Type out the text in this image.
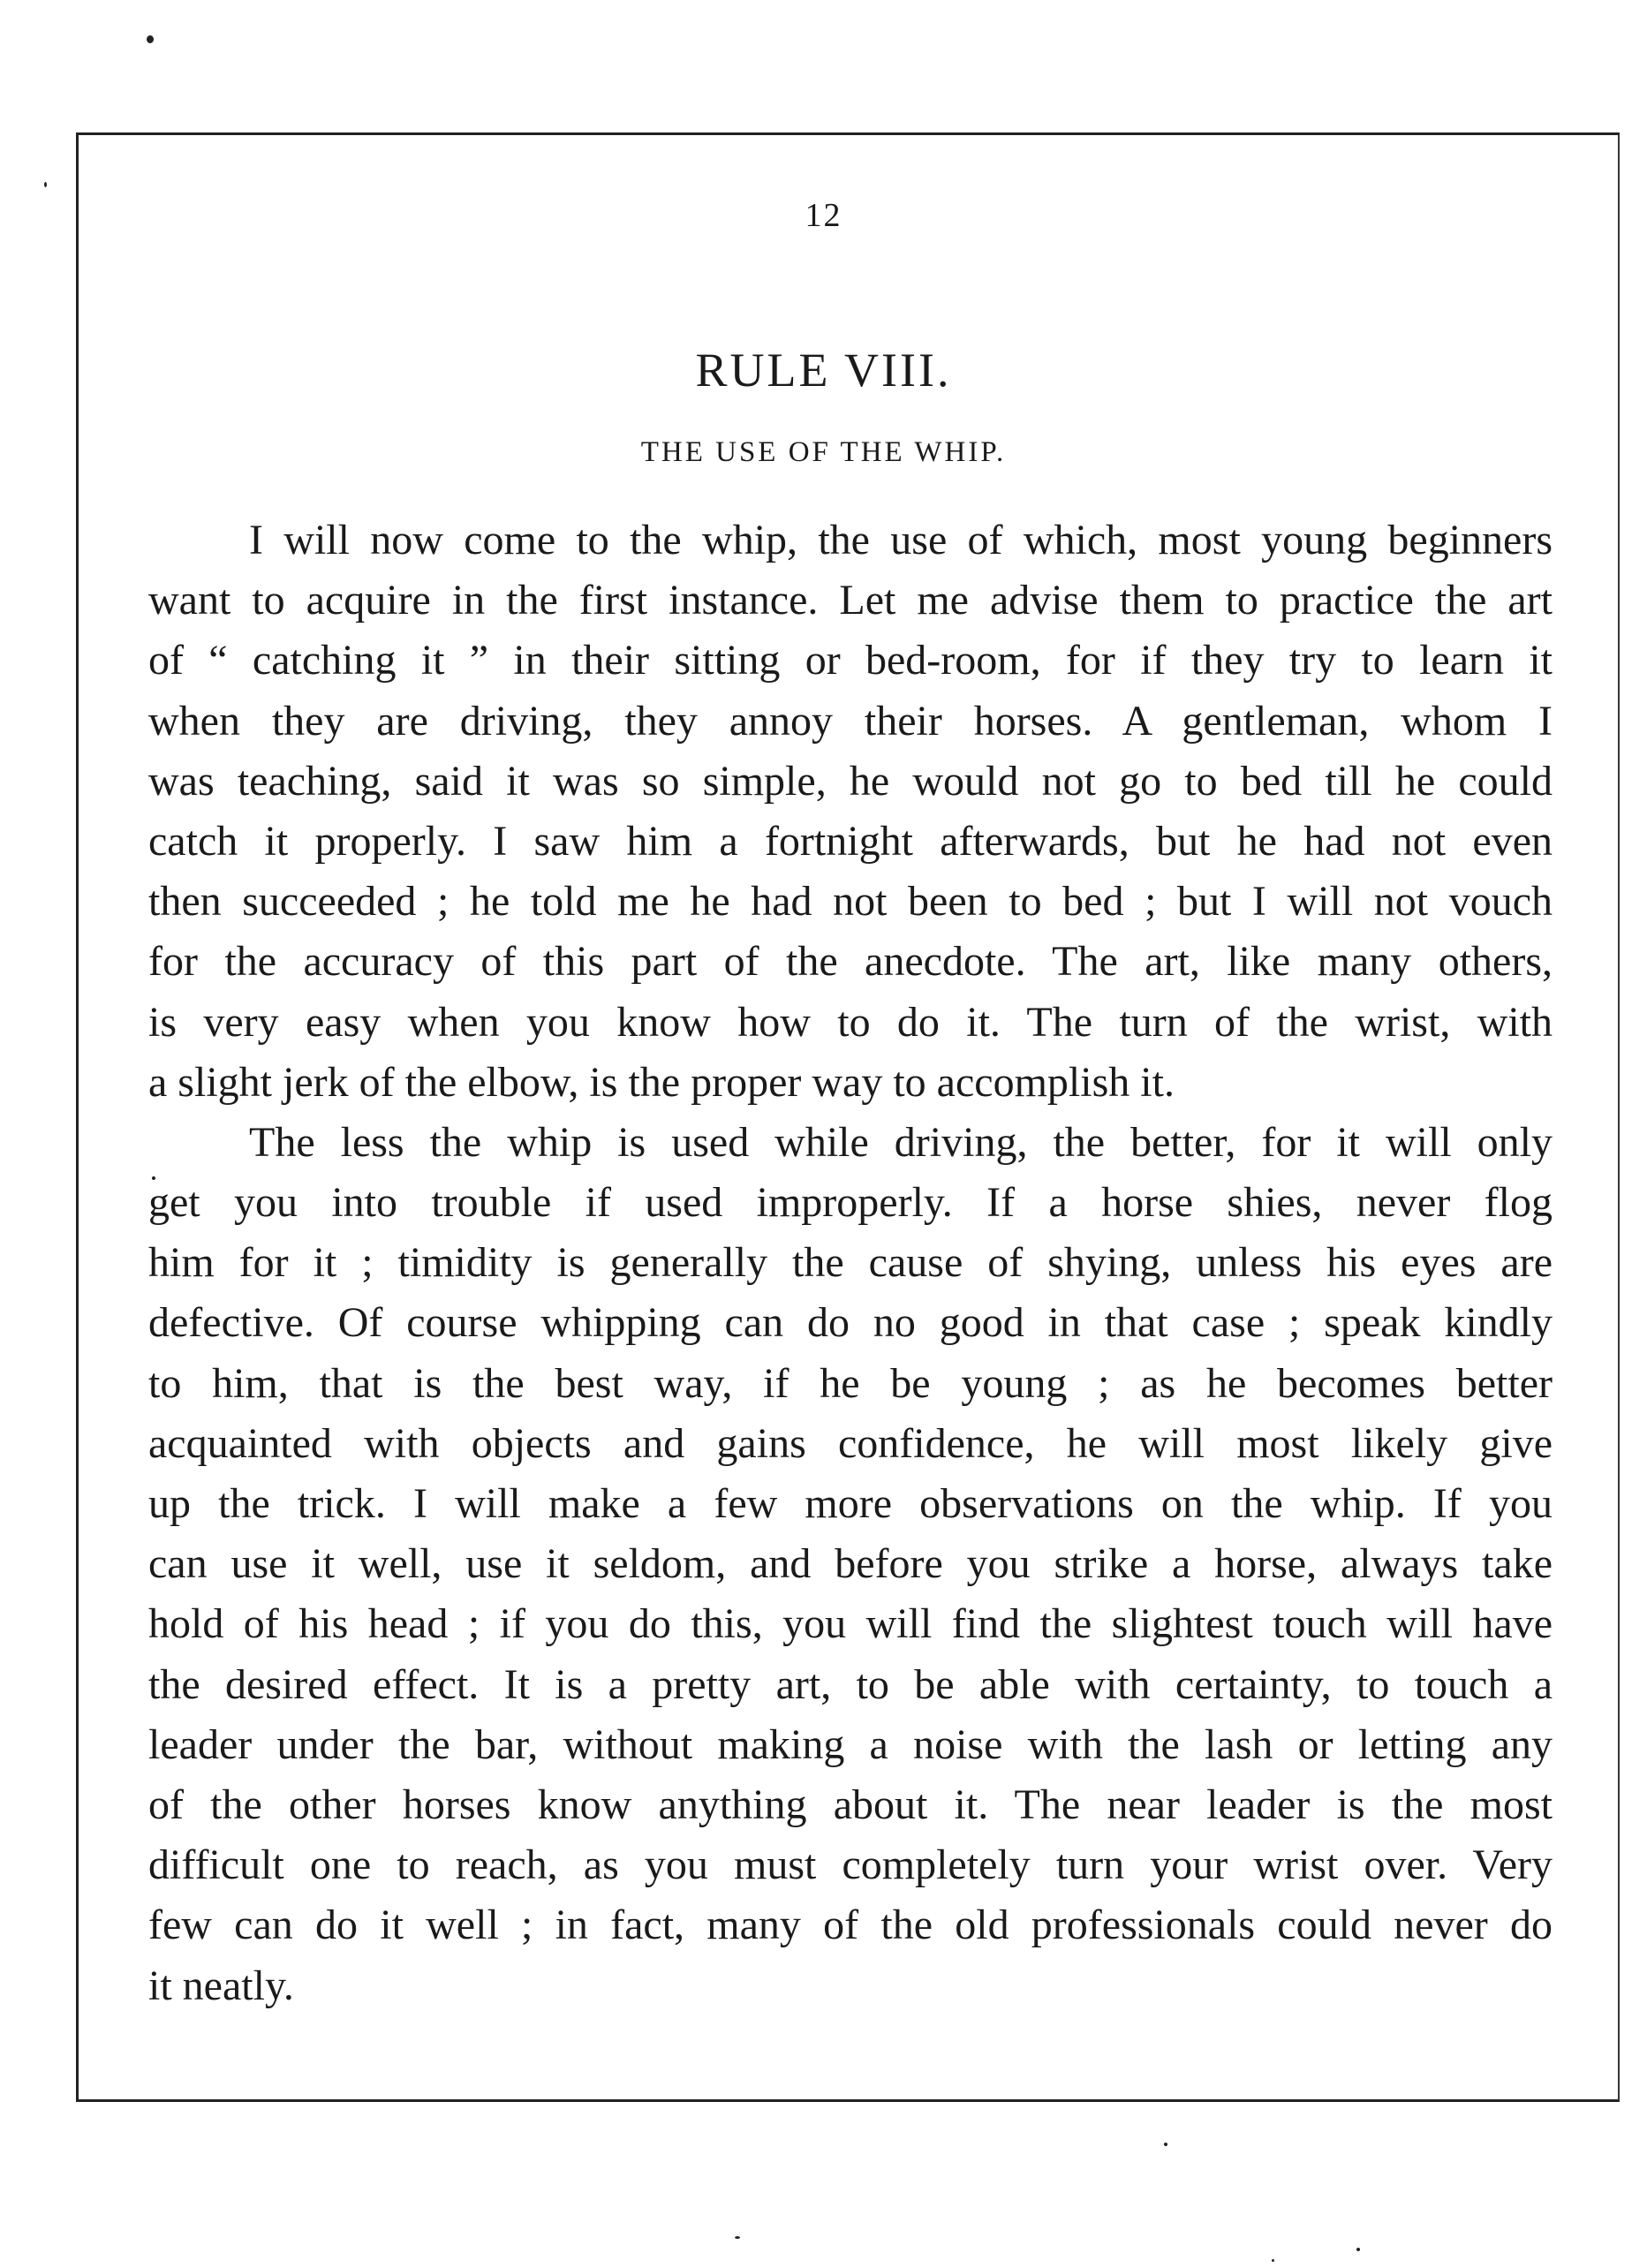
12
RULE VIII.
THE USE OF THE WHIP.
I will now come to the whip, the use of which, most young beginners
want to acquire in the first instance. Let me advise them to practice the art
of “ catching it ” in their sitting or bed-room, for if they try to learn it
when they are driving, they annoy their horses. A gentleman, whom I
was teaching, said it was so simple, he would not go to bed till he could
catch it properly. I saw him a fortnight afterwards, but he had not even
then succeeded ; he told me he had not been to bed ; but I will not vouch
for the accuracy of this part of the anecdote. The art, like many others,
is very easy when you know how to do it. The turn of the wrist, with
a slight jerk of the elbow, is the proper way to accomplish it.
The less the whip is used while driving, the better, for it will only
get you into trouble if used improperly. If a horse shies, never flog
him for it ; timidity is generally the cause of shying, unless his eyes are
defective. Of course whipping can do no good in that case ; speak kindly
to him, that is the best way, if he be young ; as he becomes better
acquainted with objects and gains confidence, he will most likely give
up the trick. I will make a few more observations on the whip. If you
can use it well, use it seldom, and before you strike a horse, always take
hold of his head ; if you do this, you will find the slightest touch will have
the desired effect. It is a pretty art, to be able with certainty, to touch a
leader under the bar, without making a noise with the lash or letting any
of the other horses know anything about it. The near leader is the most
difficult one to reach, as you must completely turn your wrist over. Very
few can do it well ; in fact, many of the old professionals could never do
it neatly.
